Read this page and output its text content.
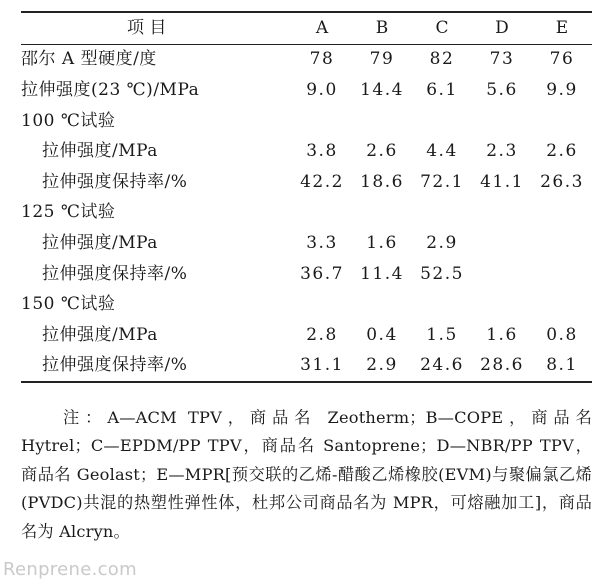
项 目	A	B	C	D	E
邵尔 A 型硬度/度	78	79	82	73	76
拉伸强度(23 ℃)/MPa	9.0	14.4	6.1	5.6	9.9
100 ℃试验					
拉伸强度/MPa	3.8	2.6	4.4	2.3	2.6
拉伸强度保持率/%	42.2	18.6	72.1	41.1	26.3
125 ℃试验					
拉伸强度/MPa	3.3	1.6	2.9		
拉伸强度保持率/%	36.7	11.4	52.5		
150 ℃试验					
拉伸强度/MPa	2.8	0.4	1.5	1.6	0.8
拉伸强度保持率/%	31.1	2.9	24.6	28.6	8.1
注：A—ACM TPV，商品名 Zeotherm；B—COPE，商品名 Hytrel；C—EPDM/PP TPV，商品名 Santoprene；D—NBR/PP TPV，商品名 Geolast；E—MPR[预交联的乙烯-醋酸乙烯橡胶(EVM)与聚偏氯乙烯(PVDC)共混的热塑性弹性体，杜邦公司商品名为 MPR，可熔融加工]，商品名为 Alcryn。
Renprene.com
